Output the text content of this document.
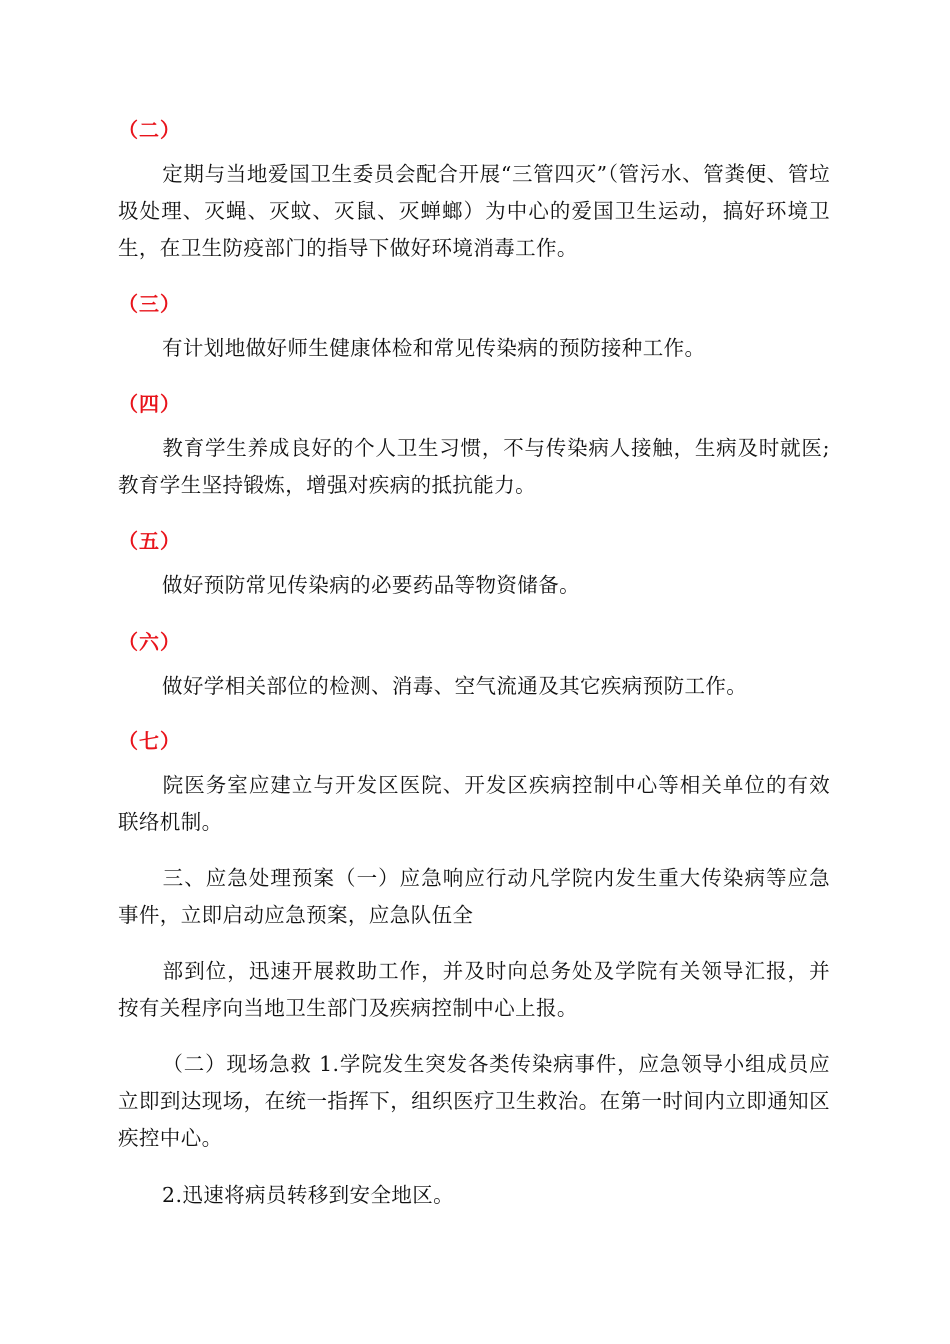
（二）

定期与当地爱国卫生委员会配合开展“三管四灭”（管污水、管粪便、管垃圾处理、灭蝇、灭蚊、灭鼠、灭蝉螂）为中心的爱国卫生运动，搞好环境卫生，在卫生防疫部门的指导下做好环境消毒工作。

（三）

有计划地做好师生健康体检和常见传染病的预防接种工作。

（四）

教育学生养成良好的个人卫生习惯，不与传染病人接触，生病及时就医;教育学生坚持锻炼，增强对疾病的抵抗能力。

（五）

做好预防常见传染病的必要药品等物资储备。

（六）

做好学相关部位的检测、消毒、空气流通及其它疾病预防工作。

（七）

院医务室应建立与开发区医院、开发区疾病控制中心等相关单位的有效联络机制。

三、应急处理预案（一）应急响应行动凡学院内发生重大传染病等应急事件，立即启动应急预案，应急队伍全

部到位，迅速开展救助工作，并及时向总务处及学院有关领导汇报，并按有关程序向当地卫生部门及疾病控制中心上报。

（二）现场急救 1.学院发生突发各类传染病事件，应急领导小组成员应立即到达现场，在统一指挥下，组织医疗卫生救治。在第一时间内立即通知区疾控中心。

2.迅速将病员转移到安全地区。
